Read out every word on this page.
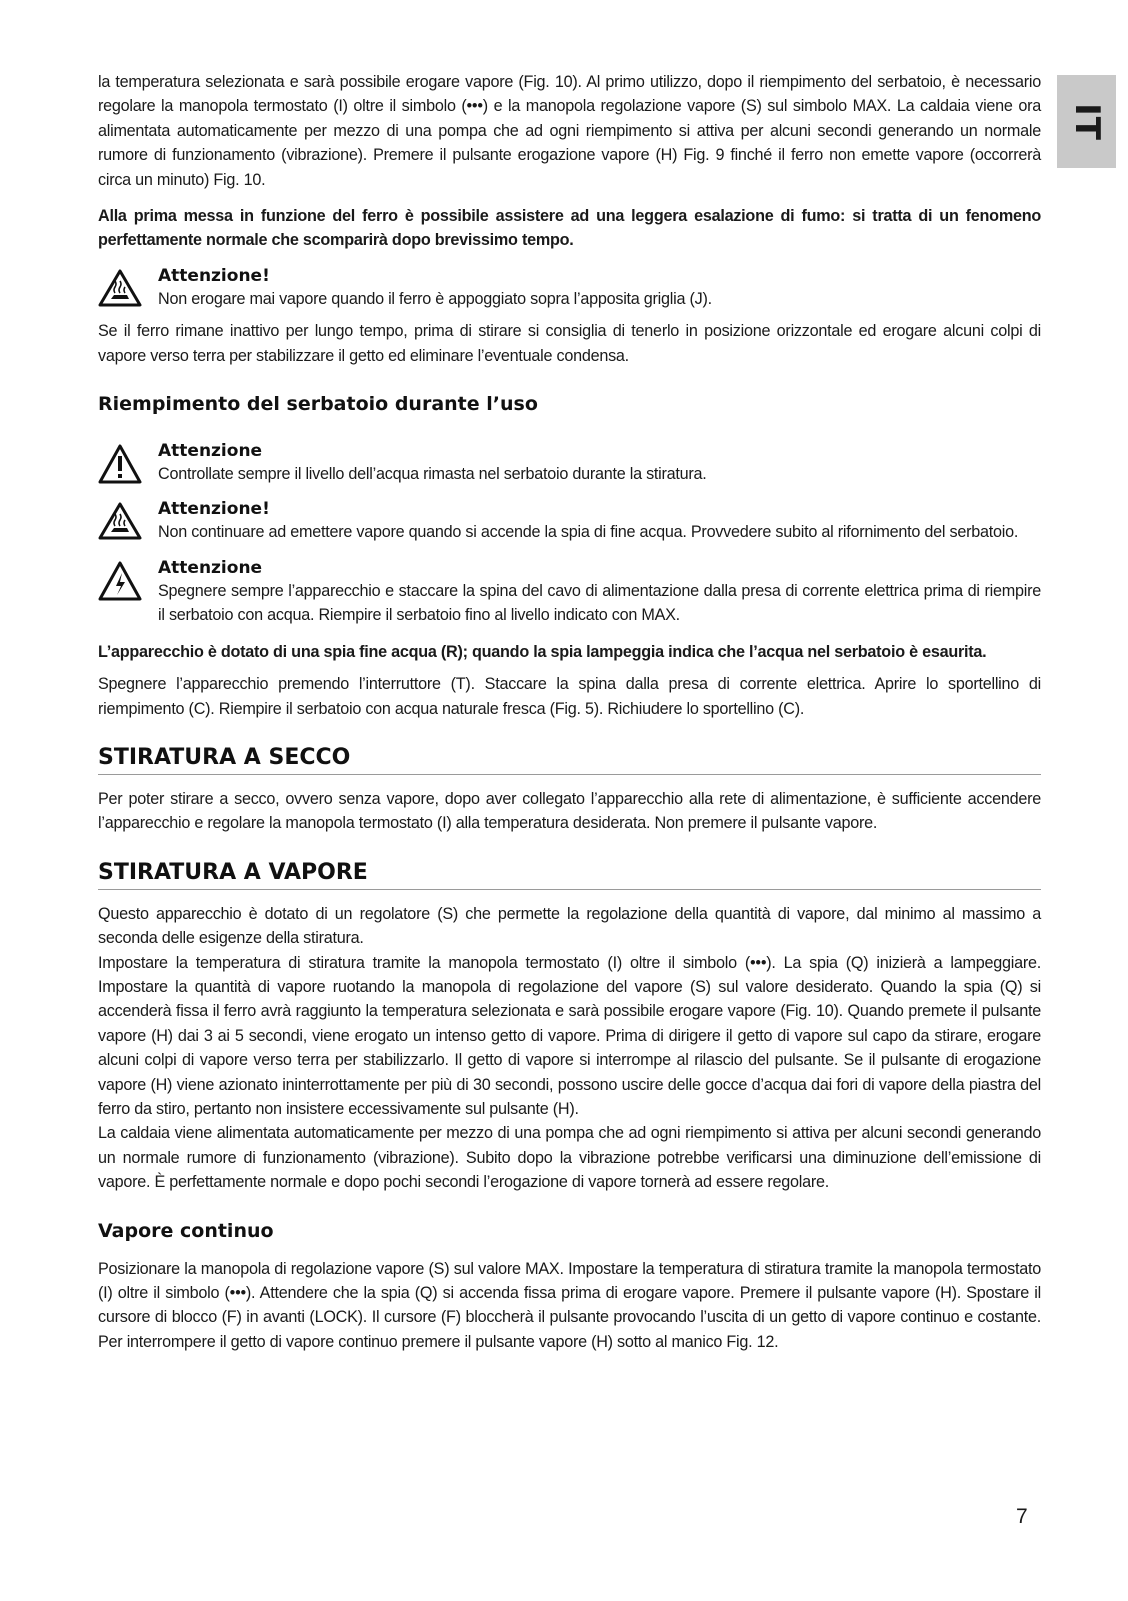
IT

la temperatura selezionata e sarà possibile erogare vapore (Fig. 10). Al primo utilizzo, dopo il riempimento del serbatoio, è necessario regolare la manopola termostato (I) oltre il simbolo (•••) e la manopola regolazione vapore (S) sul simbolo MAX. La caldaia viene ora alimentata automaticamente per mezzo di una pompa che ad ogni riempimento si attiva per alcuni secondi generando un normale rumore di funzionamento (vibrazione). Premere il pulsante erogazione vapore (H) Fig. 9 finché il ferro non emette vapore (occorrerà circa un minuto) Fig. 10.

Alla prima messa in funzione del ferro è possibile assistere ad una leggera esalazione di fumo: si tratta di un fenomeno perfettamente normale che scomparirà dopo brevissimo tempo.

Attenzione!

Non erogare mai vapore quando il ferro è appoggiato sopra l’apposita griglia (J).

Se il ferro rimane inattivo per lungo tempo, prima di stirare si consiglia di tenerlo in posizione orizzontale ed erogare alcuni colpi di vapore verso terra per stabilizzare il getto ed eliminare l’eventuale condensa.

Riempimento del serbatoio durante l’uso
Attenzione

Controllate sempre il livello dell’acqua rimasta nel serbatoio durante la stiratura.

Attenzione!

Non continuare ad emettere vapore quando si accende la spia di fine acqua. Provvedere subito al rifornimento del serbatoio.

Attenzione

Spegnere sempre l’apparecchio e staccare la spina del cavo di alimentazione dalla presa di corrente elettrica prima di riempire il serbatoio con acqua. Riempire il serbatoio fino al livello indicato con MAX.

L’apparecchio è dotato di una spia fine acqua (R); quando la spia lampeggia indica che l’acqua nel serbatoio è esaurita.

Spegnere l’apparecchio premendo l’interruttore (T). Staccare la spina dalla presa di corrente elettrica. Aprire lo sportellino di riempimento (C). Riempire il serbatoio con acqua naturale fresca (Fig. 5). Richiudere lo sportellino (C).

STIRATURA A SECCO

Per poter stirare a secco, ovvero senza vapore, dopo aver collegato l’apparecchio alla rete di alimentazione, è sufficiente accendere l’apparecchio e regolare la manopola termostato (I) alla temperatura desiderata. Non premere il pulsante vapore.

STIRATURA A VAPORE

Questo apparecchio è dotato di un regolatore (S) che permette la regolazione della quantità di vapore, dal minimo al massimo a seconda delle esigenze della stiratura.

Impostare la temperatura di stiratura tramite la manopola termostato (I) oltre il simbolo (•••). La spia (Q) inizierà a lampeggiare. Impostare la quantità di vapore ruotando la manopola di regolazione del vapore (S) sul valore desiderato. Quando la spia (Q) si accenderà fissa il ferro avrà raggiunto la temperatura selezionata e sarà possibile erogare vapore (Fig. 10). Quando premete il pulsante vapore (H) dai 3 ai 5 secondi, viene erogato un intenso getto di vapore. Prima di dirigere il getto di vapore sul capo da stirare, erogare alcuni colpi di vapore verso terra per stabilizzarlo. Il getto di vapore si interrompe al rilascio del pulsante. Se il pulsante di erogazione vapore (H) viene azionato ininterrottamente per più di 30 secondi, possono uscire delle gocce d’acqua dai fori di vapore della piastra del ferro da stiro, pertanto non insistere eccessivamente sul pulsante (H).

La caldaia viene alimentata automaticamente per mezzo di una pompa che ad ogni riempimento si attiva per alcuni secondi generando un normale rumore di funzionamento (vibrazione). Subito dopo la vibrazione potrebbe verificarsi una diminuzione dell’emissione di vapore. È perfettamente normale e dopo pochi secondi l’erogazione di vapore tornerà ad essere regolare.

Vapore continuo

Posizionare la manopola di regolazione vapore (S) sul valore MAX. Impostare la temperatura di stiratura tramite la manopola termostato (I) oltre il simbolo (•••). Attendere che la spia (Q) si accenda fissa prima di erogare vapore. Premere il pulsante vapore (H). Spostare il cursore di blocco (F) in avanti (LOCK). Il cursore (F) bloccherà il pulsante provocando l’uscita di un getto di vapore continuo e costante. Per interrompere il getto di vapore continuo premere il pulsante vapore (H) sotto al manico Fig. 12.

7
